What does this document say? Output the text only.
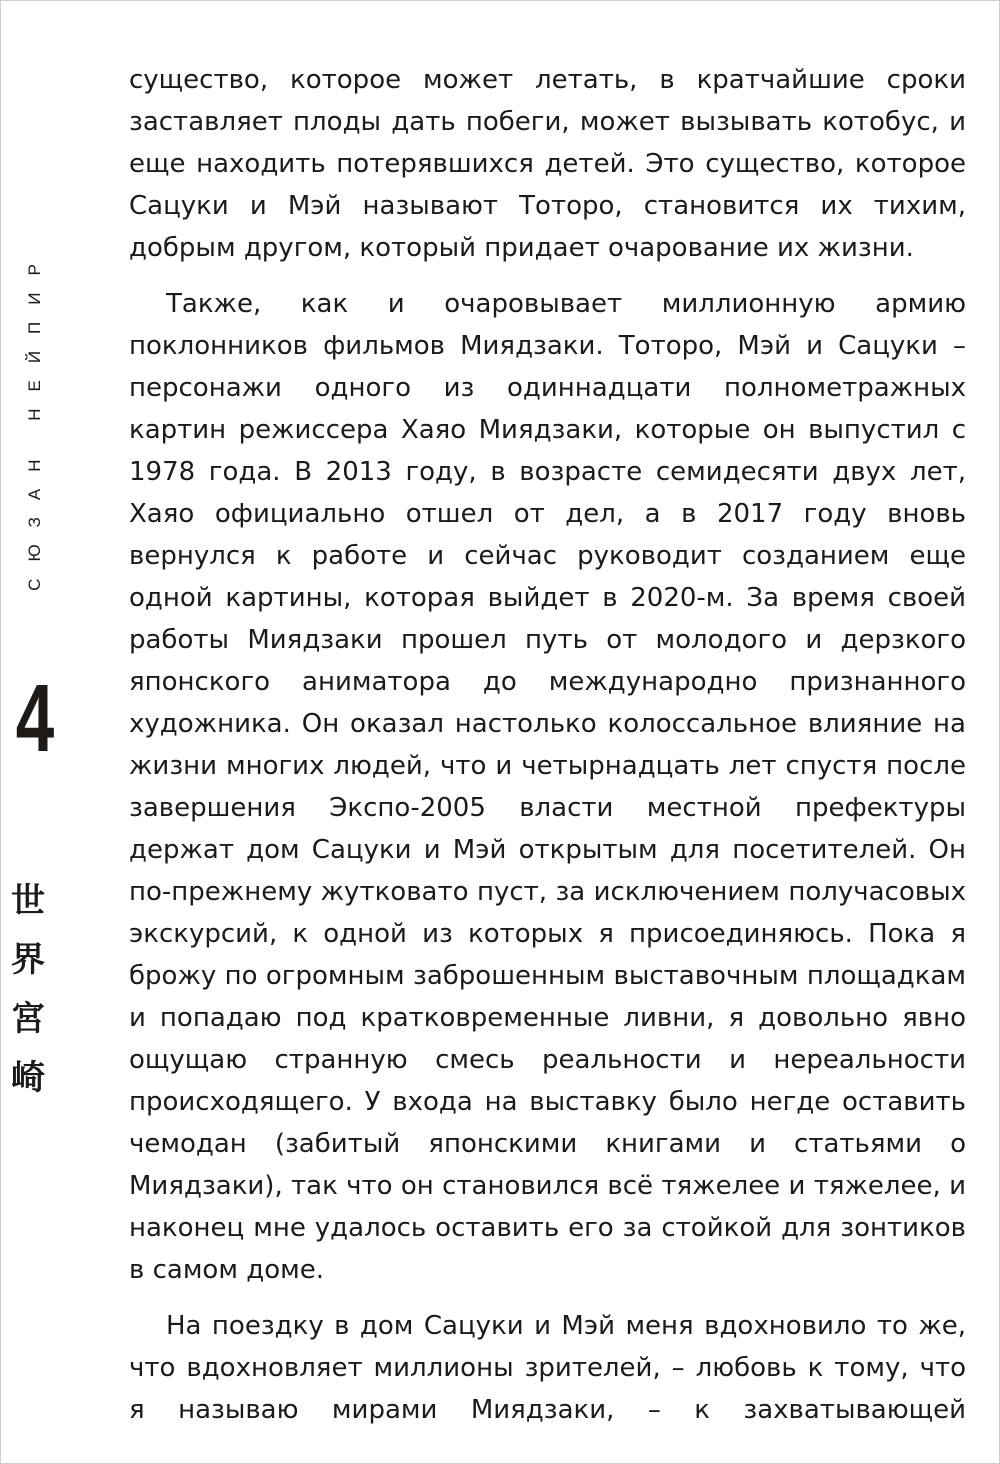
СЮЗАН НЕЙПИР
4
世
界
宮
崎

существо, которое может летать, в кратчайшие сроки заставляет плоды дать побеги, может вызывать котобус, и еще находить потерявшихся детей. Это существо, которое Сацуки и Мэй называют Тоторо, становится их тихим, добрым другом, который придает очарование их жизни.

Также, как и очаровывает миллионную армию поклонников фильмов Миядзаки. Тоторо, Мэй и Сацуки – персонажи одного из одиннадцати полнометражных картин режиссера Хаяо Миядзаки, которые он выпустил с 1978 года. В 2013 году, в возрасте семидесяти двух лет, Хаяо официально отшел от дел, а в 2017 году вновь вернулся к работе и сейчас руководит созданием еще одной картины, которая выйдет в 2020-м. За время своей работы Миядзаки прошел путь от молодого и дерзкого японского аниматора до международно признанного художника. Он оказал настолько колоссальное влияние на жизни многих людей, что и четырнадцать лет спустя после завершения Экспо-2005 власти местной префектуры держат дом Сацуки и Мэй открытым для посетителей. Он по-прежнему жутковато пуст, за исключением получасовых экскурсий, к одной из которых я присоединяюсь. Пока я брожу по огромным заброшенным выставочным площадкам и попадаю под кратковременные ливни, я довольно явно ощущаю странную смесь реальности и нереальности происходящего. У входа на выставку было негде оставить чемодан (забитый японскими книгами и статьями о Миядзаки), так что он становился всё тяжелее и тяжелее, и наконец мне удалось оставить его за стойкой для зонтиков в самом доме.

На поездку в дом Сацуки и Мэй меня вдохновило то же, что вдохновляет миллионы зрителей, – любовь к тому, что я называю мирами Миядзаки, – к захватывающей
